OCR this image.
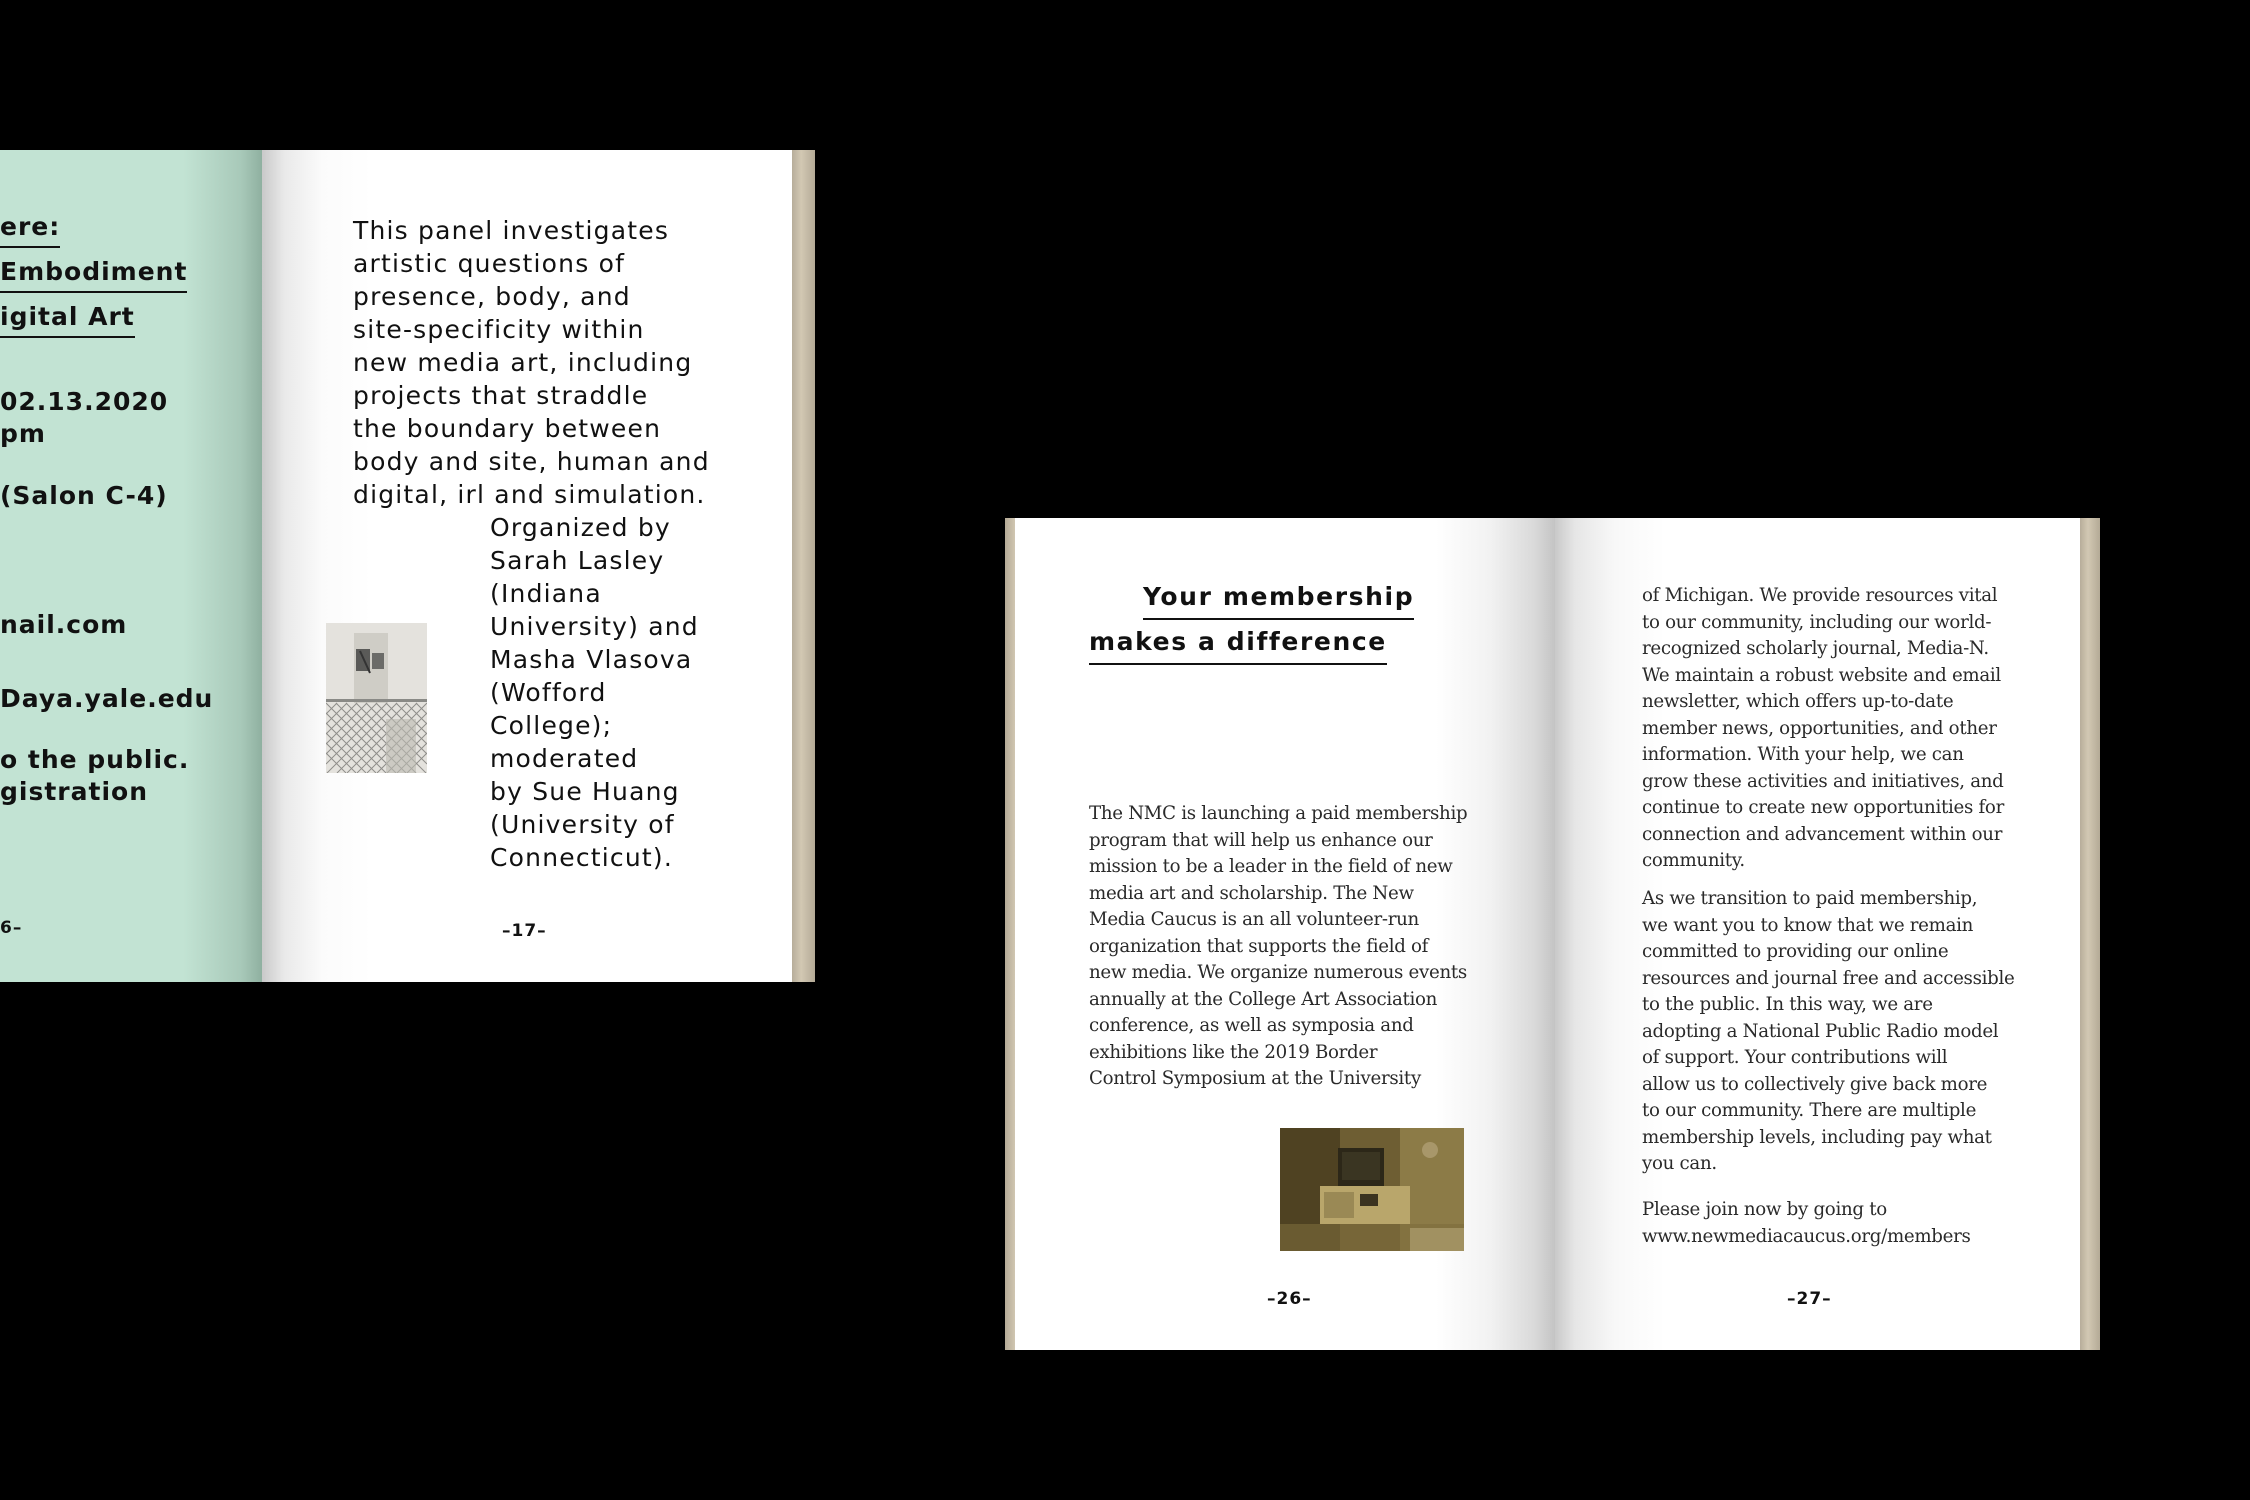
ere:
Embodiment
igital Art
02.13.2020
pm
(Salon C-4)
nail.com
Daya.yale.edu
o the public.
gistration
6–
This panel investigates
artistic questions of
presence, body, and
site-specificity within
new media art, including
projects that straddle
the boundary between
body and site, human and
digital, irl and simulation.
Organized by
Sarah Lasley
(Indiana
University) and
Masha Vlasova
(Wofford
College);
moderated
by Sue Huang
(University of
Connecticut).
–17–
Your membership
makes a difference
The NMC is launching a paid membership
program that will help us enhance our
mission to be a leader in the field of new
media art and scholarship. The New
Media Caucus is an all volunteer-run
organization that supports the field of
new media. We organize numerous events
annually at the College Art Association
conference, as well as symposia and
exhibitions like the 2019 Border
Control Symposium at the University
–26–
of Michigan. We provide resources vital
to our community, including our world-
recognized scholarly journal, Media-N.
We maintain a robust website and email
newsletter, which offers up-to-date
member news, opportunities, and other
information. With your help, we can
grow these activities and initiatives, and
continue to create new opportunities for
connection and advancement within our
community.
As we transition to paid membership,
we want you to know that we remain
committed to providing our online
resources and journal free and accessible
to the public. In this way, we are
adopting a National Public Radio model
of support. Your contributions will
allow us to collectively give back more
to our community. There are multiple
membership levels, including pay what
you can.
Please join now by going to
www.newmediacaucus.org/members
–27–
